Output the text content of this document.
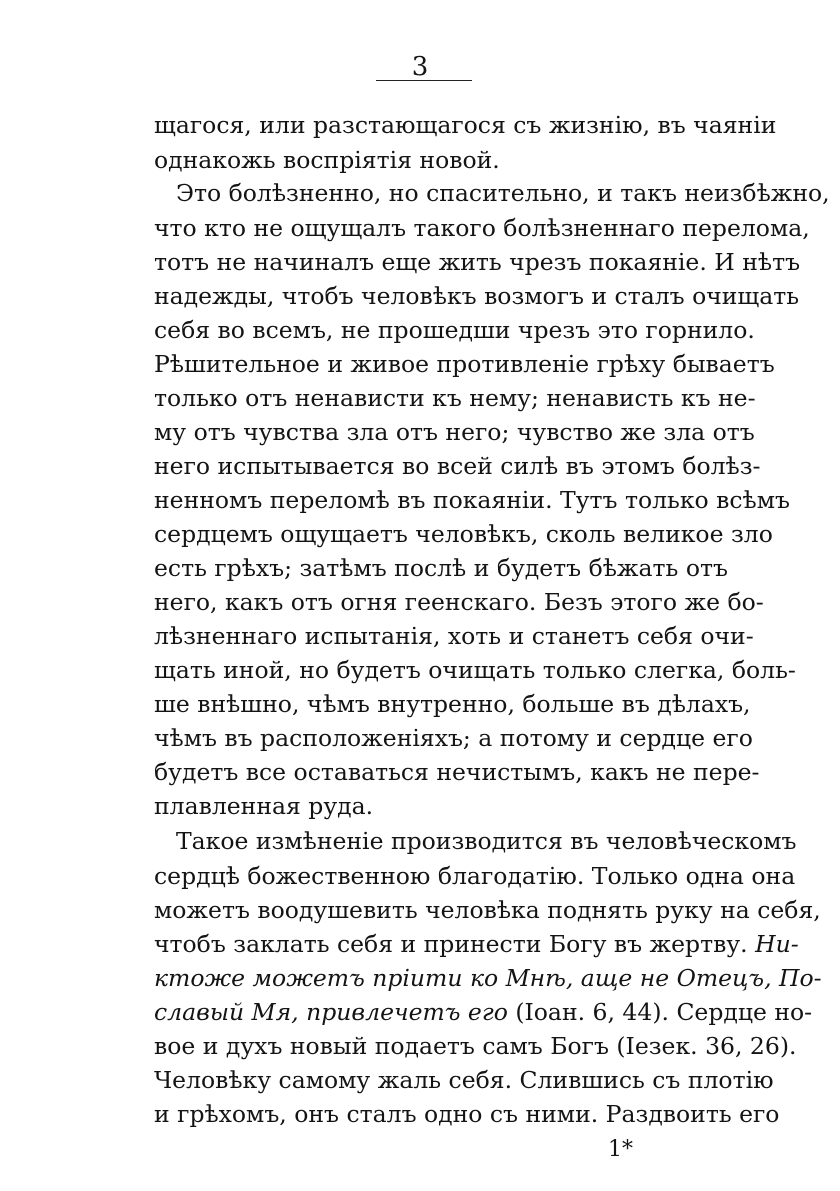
3
щагося, или разстающагося съ жизнію, въ чаяніи
однакожь воспріятія новой.
Это болѣзненно, но спасительно, и такъ неизбѣжно,
что кто не ощущалъ такого болѣзненнаго перелома,
тотъ не начиналъ еще жить чрезъ покаяніе. И нѣтъ
надежды, чтобъ человѣкъ возмогъ и сталъ очищать
себя во всемъ, не прошедши чрезъ это горнило.
Рѣшительное и живое противленіе грѣху бываетъ
только отъ ненависти къ нему; ненависть къ не-
му отъ чувства зла отъ него; чувство же зла отъ
него испытывается во всей силѣ въ этомъ болѣз-
ненномъ переломѣ въ покаяніи. Тутъ только всѣмъ
сердцемъ ощущаетъ человѣкъ, сколь великое зло
есть грѣхъ; затѣмъ послѣ и будетъ бѣжать отъ
него, какъ отъ огня геенскаго. Безъ этого же бо-
лѣзненнаго испытанія, хоть и станетъ себя очи-
щать иной, но будетъ очищать только слегка, боль-
ше внѣшно, чѣмъ внутренно, больше въ дѣлахъ,
чѣмъ въ расположеніяхъ; а потому и сердце его
будетъ все оставаться нечистымъ, какъ не пере-
плавленная руда.
Такое измѣненіе производится въ человѣческомъ
сердцѣ божественною благодатію. Только одна она
можетъ воодушевить человѣка поднять руку на себя,
чтобъ заклать себя и принести Богу въ жертву. Ни-
ктоже можетъ пріити ко Мнѣ, аще не Отецъ, По-
славый Мя, привлечетъ его (Іоан. 6, 44). Сердце но-
вое и духъ новый подаетъ самъ Богъ (Іезек. 36, 26).
Человѣку самому жаль себя. Слившись съ плотію
и грѣхомъ, онъ сталъ одно съ ними. Раздвоить его
1*
